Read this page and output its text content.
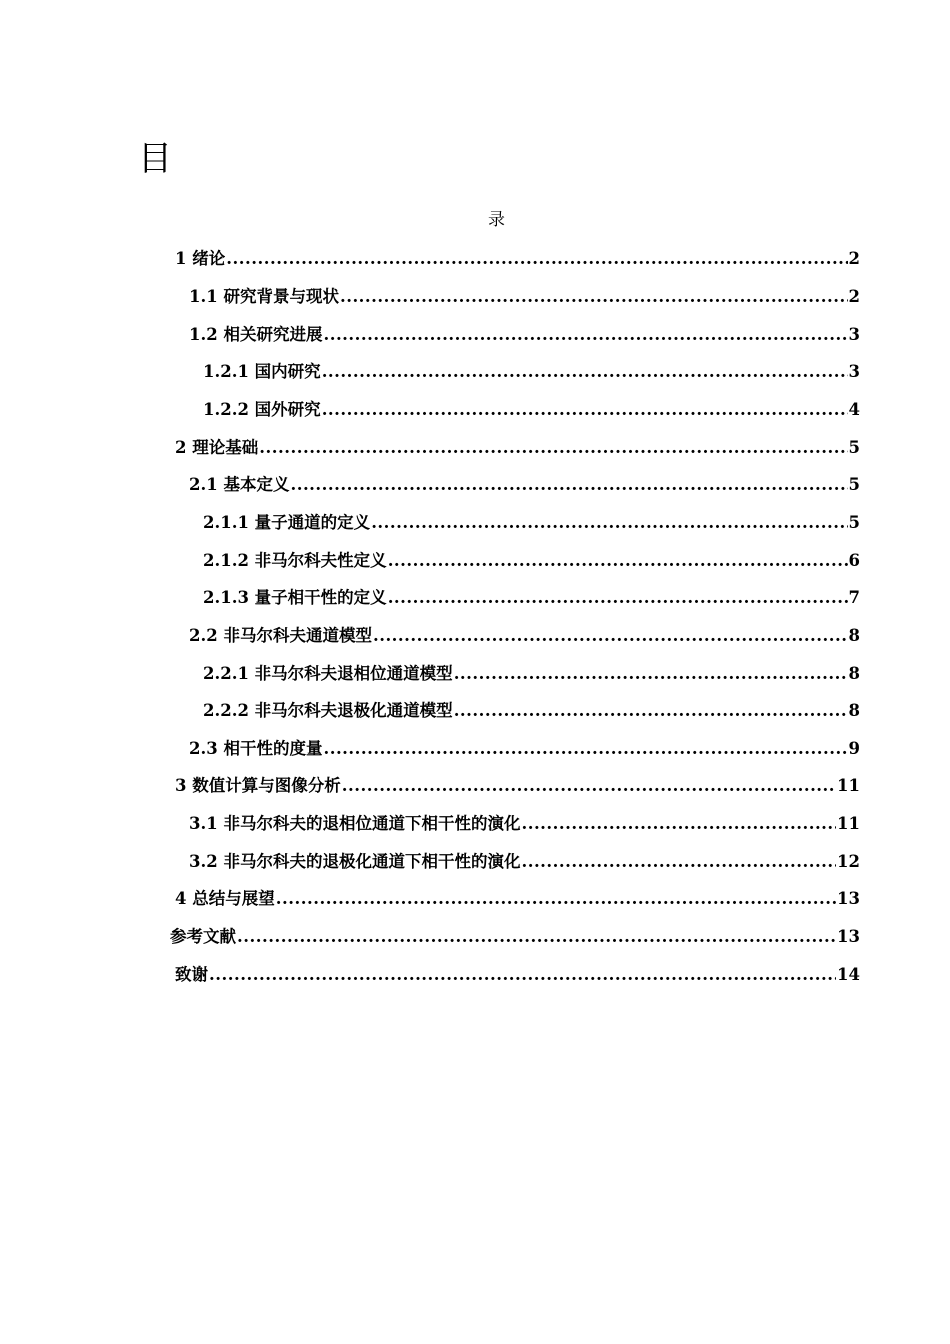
目
录
1 绪论 .....	2
1.1 研究背景与现状 .....	2
1.2 相关研究进展 .....	3
1.2.1 国内研究 .....	3
1.2.2 国外研究 .....	4
2 理论基础 .....	5
2.1 基本定义 .....	5
2.1.1 量子通道的定义 .....	5
2.1.2 非马尔科夫性定义 .....	6
2.1.3 量子相干性的定义 .....	7
2.2 非马尔科夫通道模型 .....	8
2.2.1 非马尔科夫退相位通道模型 .....	8
2.2.2 非马尔科夫退极化通道模型 .....	8
2.3 相干性的度量 .....	9
3 数值计算与图像分析 .....	11
3.1 非马尔科夫的退相位通道下相干性的演化 .....	11
3.2 非马尔科夫的退极化通道下相干性的演化 .....	12
4 总结与展望 .....	13
参考文献 .....	13
致谢 .....	14
